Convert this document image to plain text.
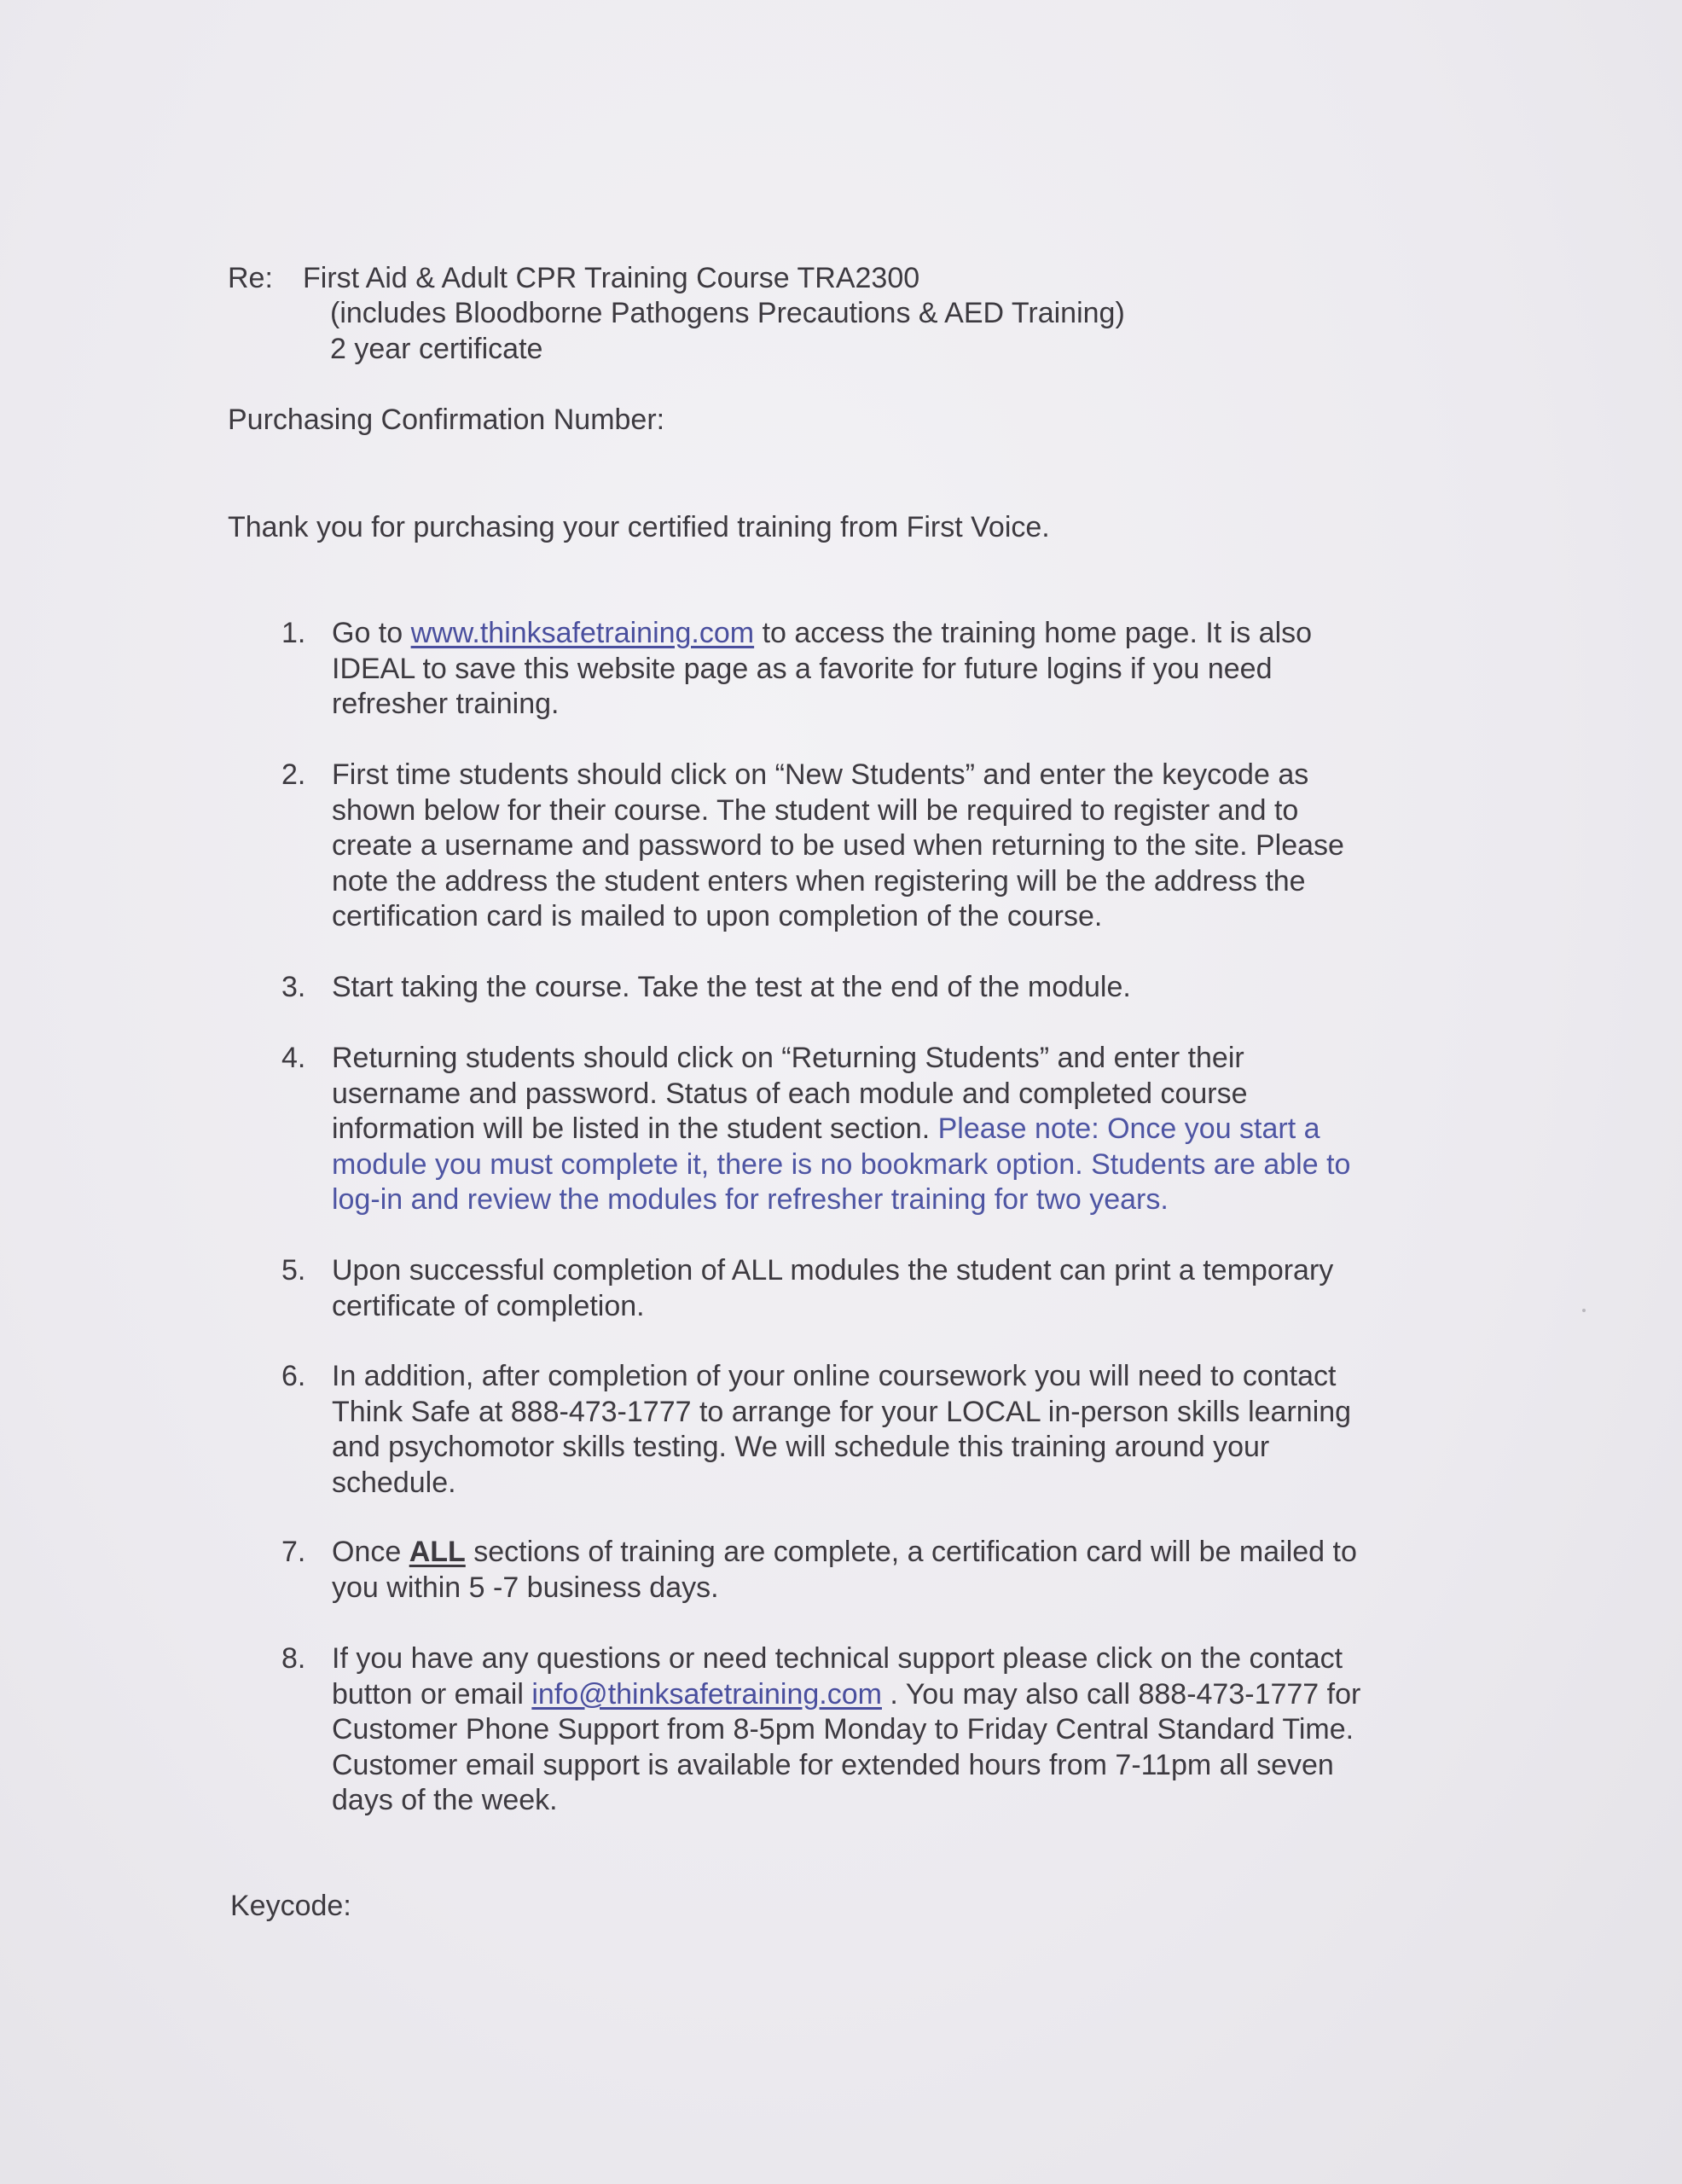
Re: First Aid & Adult CPR Training Course TRA2300
(includes Bloodborne Pathogens Precautions & AED Training)
2 year certificate
Purchasing Confirmation Number:
Thank you for purchasing your certified training from First Voice.
1. Go to www.thinksafetraining.com to access the training home page. It is also
IDEAL to save this website page as a favorite for future logins if you need
refresher training.
2. First time students should click on “New Students” and enter the keycode as
shown below for their course. The student will be required to register and to
create a username and password to be used when returning to the site. Please
note the address the student enters when registering will be the address the
certification card is mailed to upon completion of the course.
3. Start taking the course. Take the test at the end of the module.
4. Returning students should click on “Returning Students” and enter their
username and password. Status of each module and completed course
information will be listed in the student section. Please note: Once you start a
module you must complete it, there is no bookmark option. Students are able to
log-in and review the modules for refresher training for two years.
5. Upon successful completion of ALL modules the student can print a temporary
certificate of completion.
6. In addition, after completion of your online coursework you will need to contact
Think Safe at 888-473-1777 to arrange for your LOCAL in-person skills learning
and psychomotor skills testing. We will schedule this training around your
schedule.
7. Once ALL sections of training are complete, a certification card will be mailed to
you within 5 -7 business days.
8. If you have any questions or need technical support please click on the contact
button or email info@thinksafetraining.com . You may also call 888-473-1777 for
Customer Phone Support from 8-5pm Monday to Friday Central Standard Time.
Customer email support is available for extended hours from 7-11pm all seven
days of the week.
Keycode:
